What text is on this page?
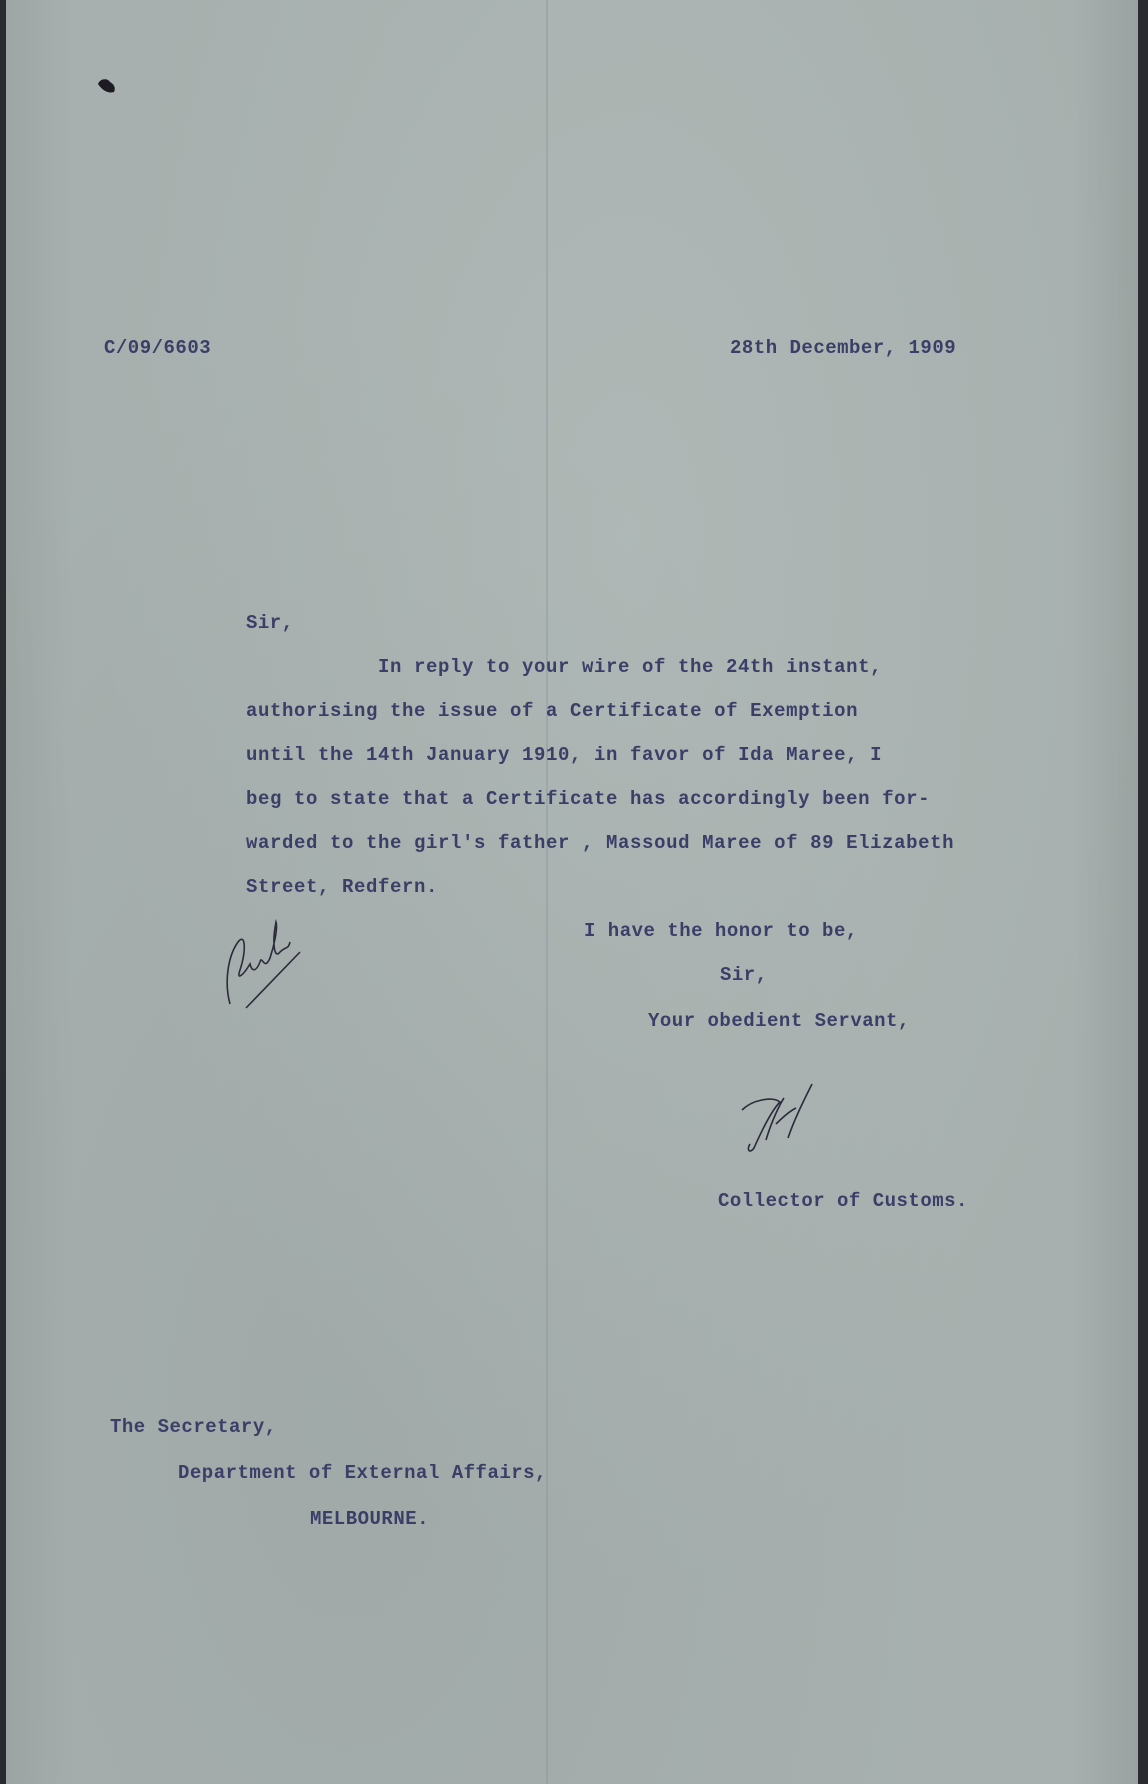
C/09/6603	28th December, 1909
Sir,
In reply to your wire of the 24th instant,
authorising the issue of a Certificate of Exemption
until the 14th January 1910, in favor of Ida Maree, I
beg to state that a Certificate has accordingly been for-
warded to the girl's father , Massoud Maree of 89 Elizabeth
Street, Redfern.
I have the honor to be,
Sir,
Your obedient Servant,
Collector of Customs.
The Secretary,
Department of External Affairs,
MELBOURNE.
